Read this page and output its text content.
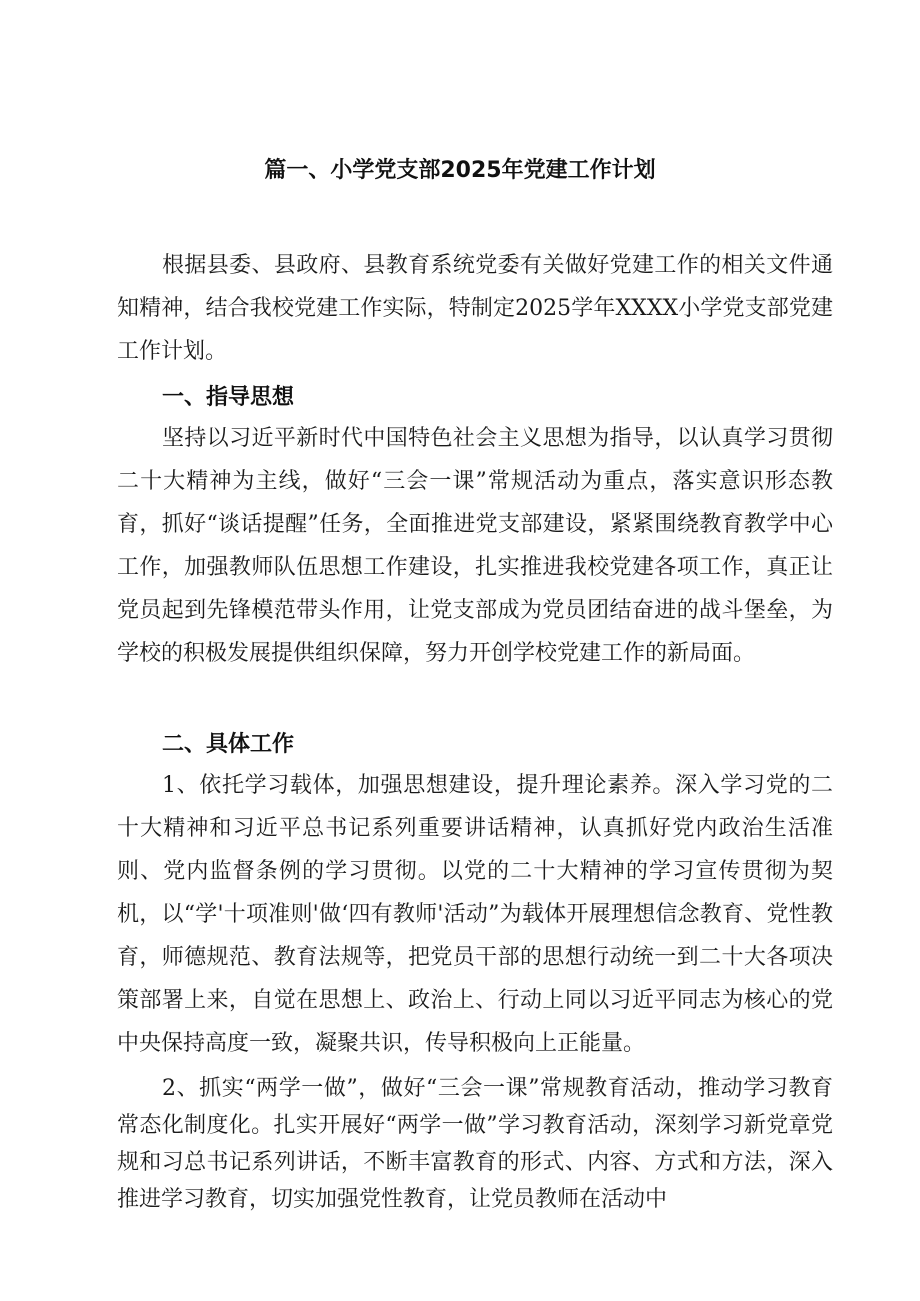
篇一、小学党支部2025年党建工作计划

根据县委、县政府、县教育系统党委有关做好党建工作的相关文件通知精神，结合我校党建工作实际，特制定2025学年XXXX小学党支部党建工作计划。

一、指导思想

坚持以习近平新时代中国特色社会主义思想为指导，以认真学习贯彻二十大精神为主线，做好“三会一课”常规活动为重点，落实意识形态教育，抓好“谈话提醒”任务，全面推进党支部建设，紧紧围绕教育教学中心工作，加强教师队伍思想工作建设，扎实推进我校党建各项工作，真正让党员起到先锋模范带头作用，让党支部成为党员团结奋进的战斗堡垒，为学校的积极发展提供组织保障，努力开创学校党建工作的新局面。

二、具体工作

1、依托学习载体，加强思想建设，提升理论素养。深入学习党的二十大精神和习近平总书记系列重要讲话精神，认真抓好党内政治生活准则、党内监督条例的学习贯彻。以党的二十大精神的学习宣传贯彻为契机，以“学'十项准则'做‘四有教师'活动”为载体开展理想信念教育、党性教育，师德规范、教育法规等，把党员干部的思想行动统一到二十大各项决策部署上来，自觉在思想上、政治上、行动上同以习近平同志为核心的党中央保持高度一致，凝聚共识，传导积极向上正能量。

2、抓实“两学一做”，做好“三会一课”常规教育活动，推动学习教育常态化制度化。扎实开展好“两学一做”学习教育活动，深刻学习新党章党规和习总书记系列讲话，不断丰富教育的形式、内容、方式和方法，深入推进学习教育，切实加强党性教育，让党员教师在活动中
